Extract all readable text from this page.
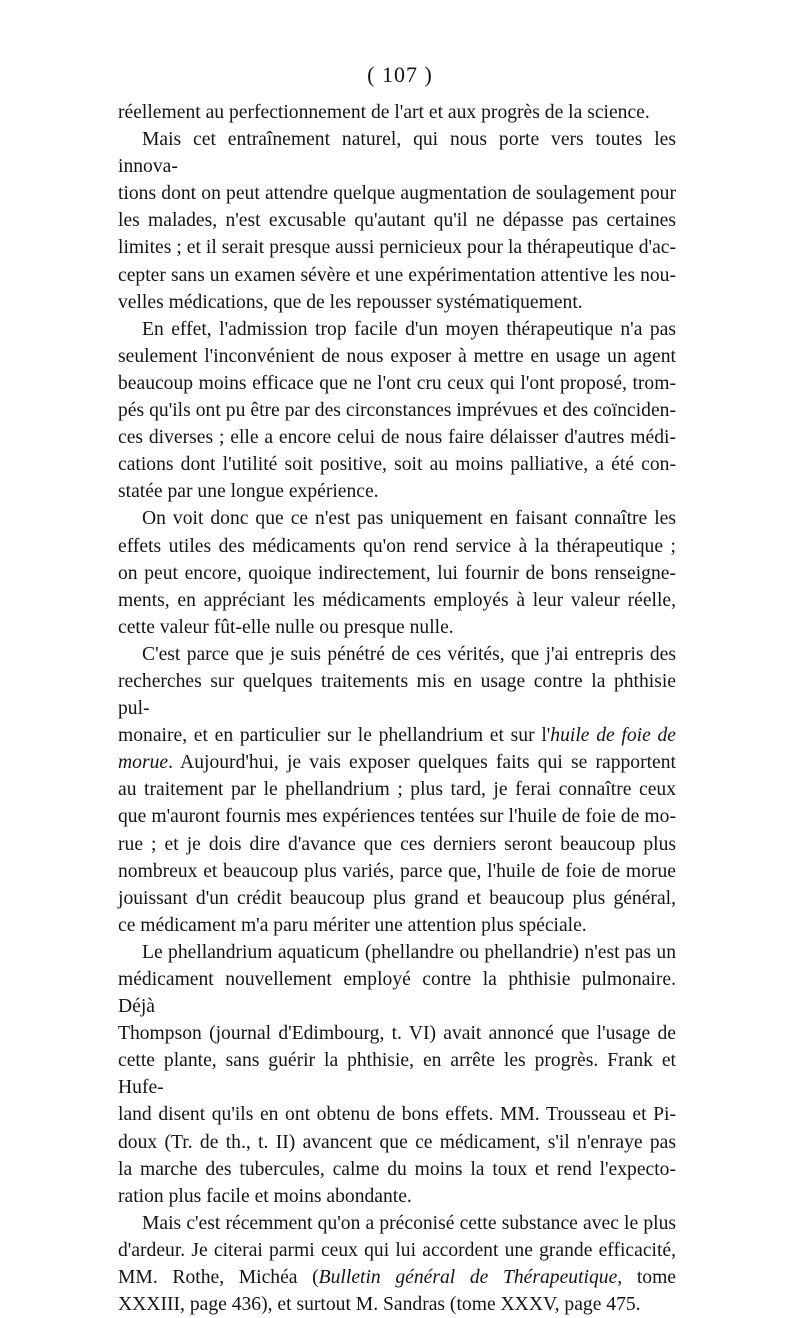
( 107 )

réellement au perfectionnement de l'art et aux progrès de la science.

Mais cet entraînement naturel, qui nous porte vers toutes les innova-
tions dont on peut attendre quelque augmentation de soulagement pour
les malades, n'est excusable qu'autant qu'il ne dépasse pas certaines
limites ; et il serait presque aussi pernicieux pour la thérapeutique d'ac-
cepter sans un examen sévère et une expérimentation attentive les nou-
velles médications, que de les repousser systématiquement.

En effet, l'admission trop facile d'un moyen thérapeutique n'a pas
seulement l'inconvénient de nous exposer à mettre en usage un agent
beaucoup moins efficace que ne l'ont cru ceux qui l'ont proposé, trom-
pés qu'ils ont pu être par des circonstances imprévues et des coïnciden-
ces diverses ; elle a encore celui de nous faire délaisser d'autres médi-
cations dont l'utilité soit positive, soit au moins palliative, a été con-
statée par une longue expérience.

On voit donc que ce n'est pas uniquement en faisant connaître les
effets utiles des médicaments qu'on rend service à la thérapeutique ;
on peut encore, quoique indirectement, lui fournir de bons renseigne-
ments, en appréciant les médicaments employés à leur valeur réelle,
cette valeur fût-elle nulle ou presque nulle.

C'est parce que je suis pénétré de ces vérités, que j'ai entrepris des
recherches sur quelques traitements mis en usage contre la phthisie pul-
monaire, et en particulier sur le phellandrium et sur l'huile de foie de
morue. Aujourd'hui, je vais exposer quelques faits qui se rapportent
au traitement par le phellandrium ; plus tard, je ferai connaître ceux
que m'auront fournis mes expériences tentées sur l'huile de foie de mo-
rue ; et je dois dire d'avance que ces derniers seront beaucoup plus
nombreux et beaucoup plus variés, parce que, l'huile de foie de morue
jouissant d'un crédit beaucoup plus grand et beaucoup plus général,
ce médicament m'a paru mériter une attention plus spéciale.

Le phellandrium aquaticum (phellandre ou phellandrie) n'est pas un
médicament nouvellement employé contre la phthisie pulmonaire. Déjà
Thompson (journal d'Edimbourg, t. VI) avait annoncé que l'usage de
cette plante, sans guérir la phthisie, en arrête les progrès. Frank et Hufe-
land disent qu'ils en ont obtenu de bons effets. MM. Trousseau et Pi-
doux (Tr. de th., t. II) avancent que ce médicament, s'il n'enraye pas
la marche des tubercules, calme du moins la toux et rend l'expecto-
ration plus facile et moins abondante.

Mais c'est récemment qu'on a préconisé cette substance avec le plus
d'ardeur. Je citerai parmi ceux qui lui accordent une grande efficacité,
MM. Rothe, Michéa (Bulletin général de Thérapeutique, tome
XXXIII, page 436), et surtout M. Sandras (tome XXXV, page 475.
